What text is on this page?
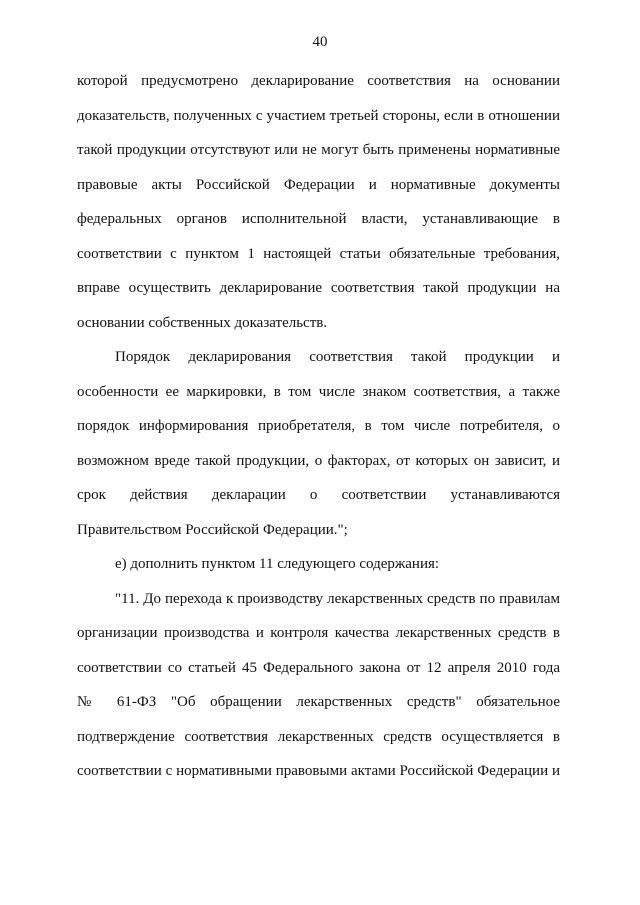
40
которой предусмотрено декларирование соответствия на основании
доказательств, полученных с участием третьей стороны, если в отношении
такой продукции отсутствуют или не могут быть применены нормативные
правовые акты Российской Федерации и нормативные документы
федеральных органов исполнительной власти, устанавливающие в
соответствии с пунктом 1 настоящей статьи обязательные требования,
вправе осуществить декларирование соответствия такой продукции на
основании собственных доказательств.
Порядок декларирования соответствия такой продукции и
особенности ее маркировки, в том числе знаком соответствия, а также
порядок информирования приобретателя, в том числе потребителя, о
возможном вреде такой продукции, о факторах, от которых он зависит, и
срок действия декларации о соответствии устанавливаются
Правительством Российской Федерации.";
е) дополнить пунктом 11 следующего содержания:
"11. До перехода к производству лекарственных средств по правилам
организации производства и контроля качества лекарственных средств в
соответствии со статьей 45 Федерального закона от 12 апреля 2010 года
№ 61-ФЗ "Об обращении лекарственных средств" обязательное
подтверждение соответствия лекарственных средств осуществляется в
соответствии с нормативными правовыми актами Российской Федерации и
